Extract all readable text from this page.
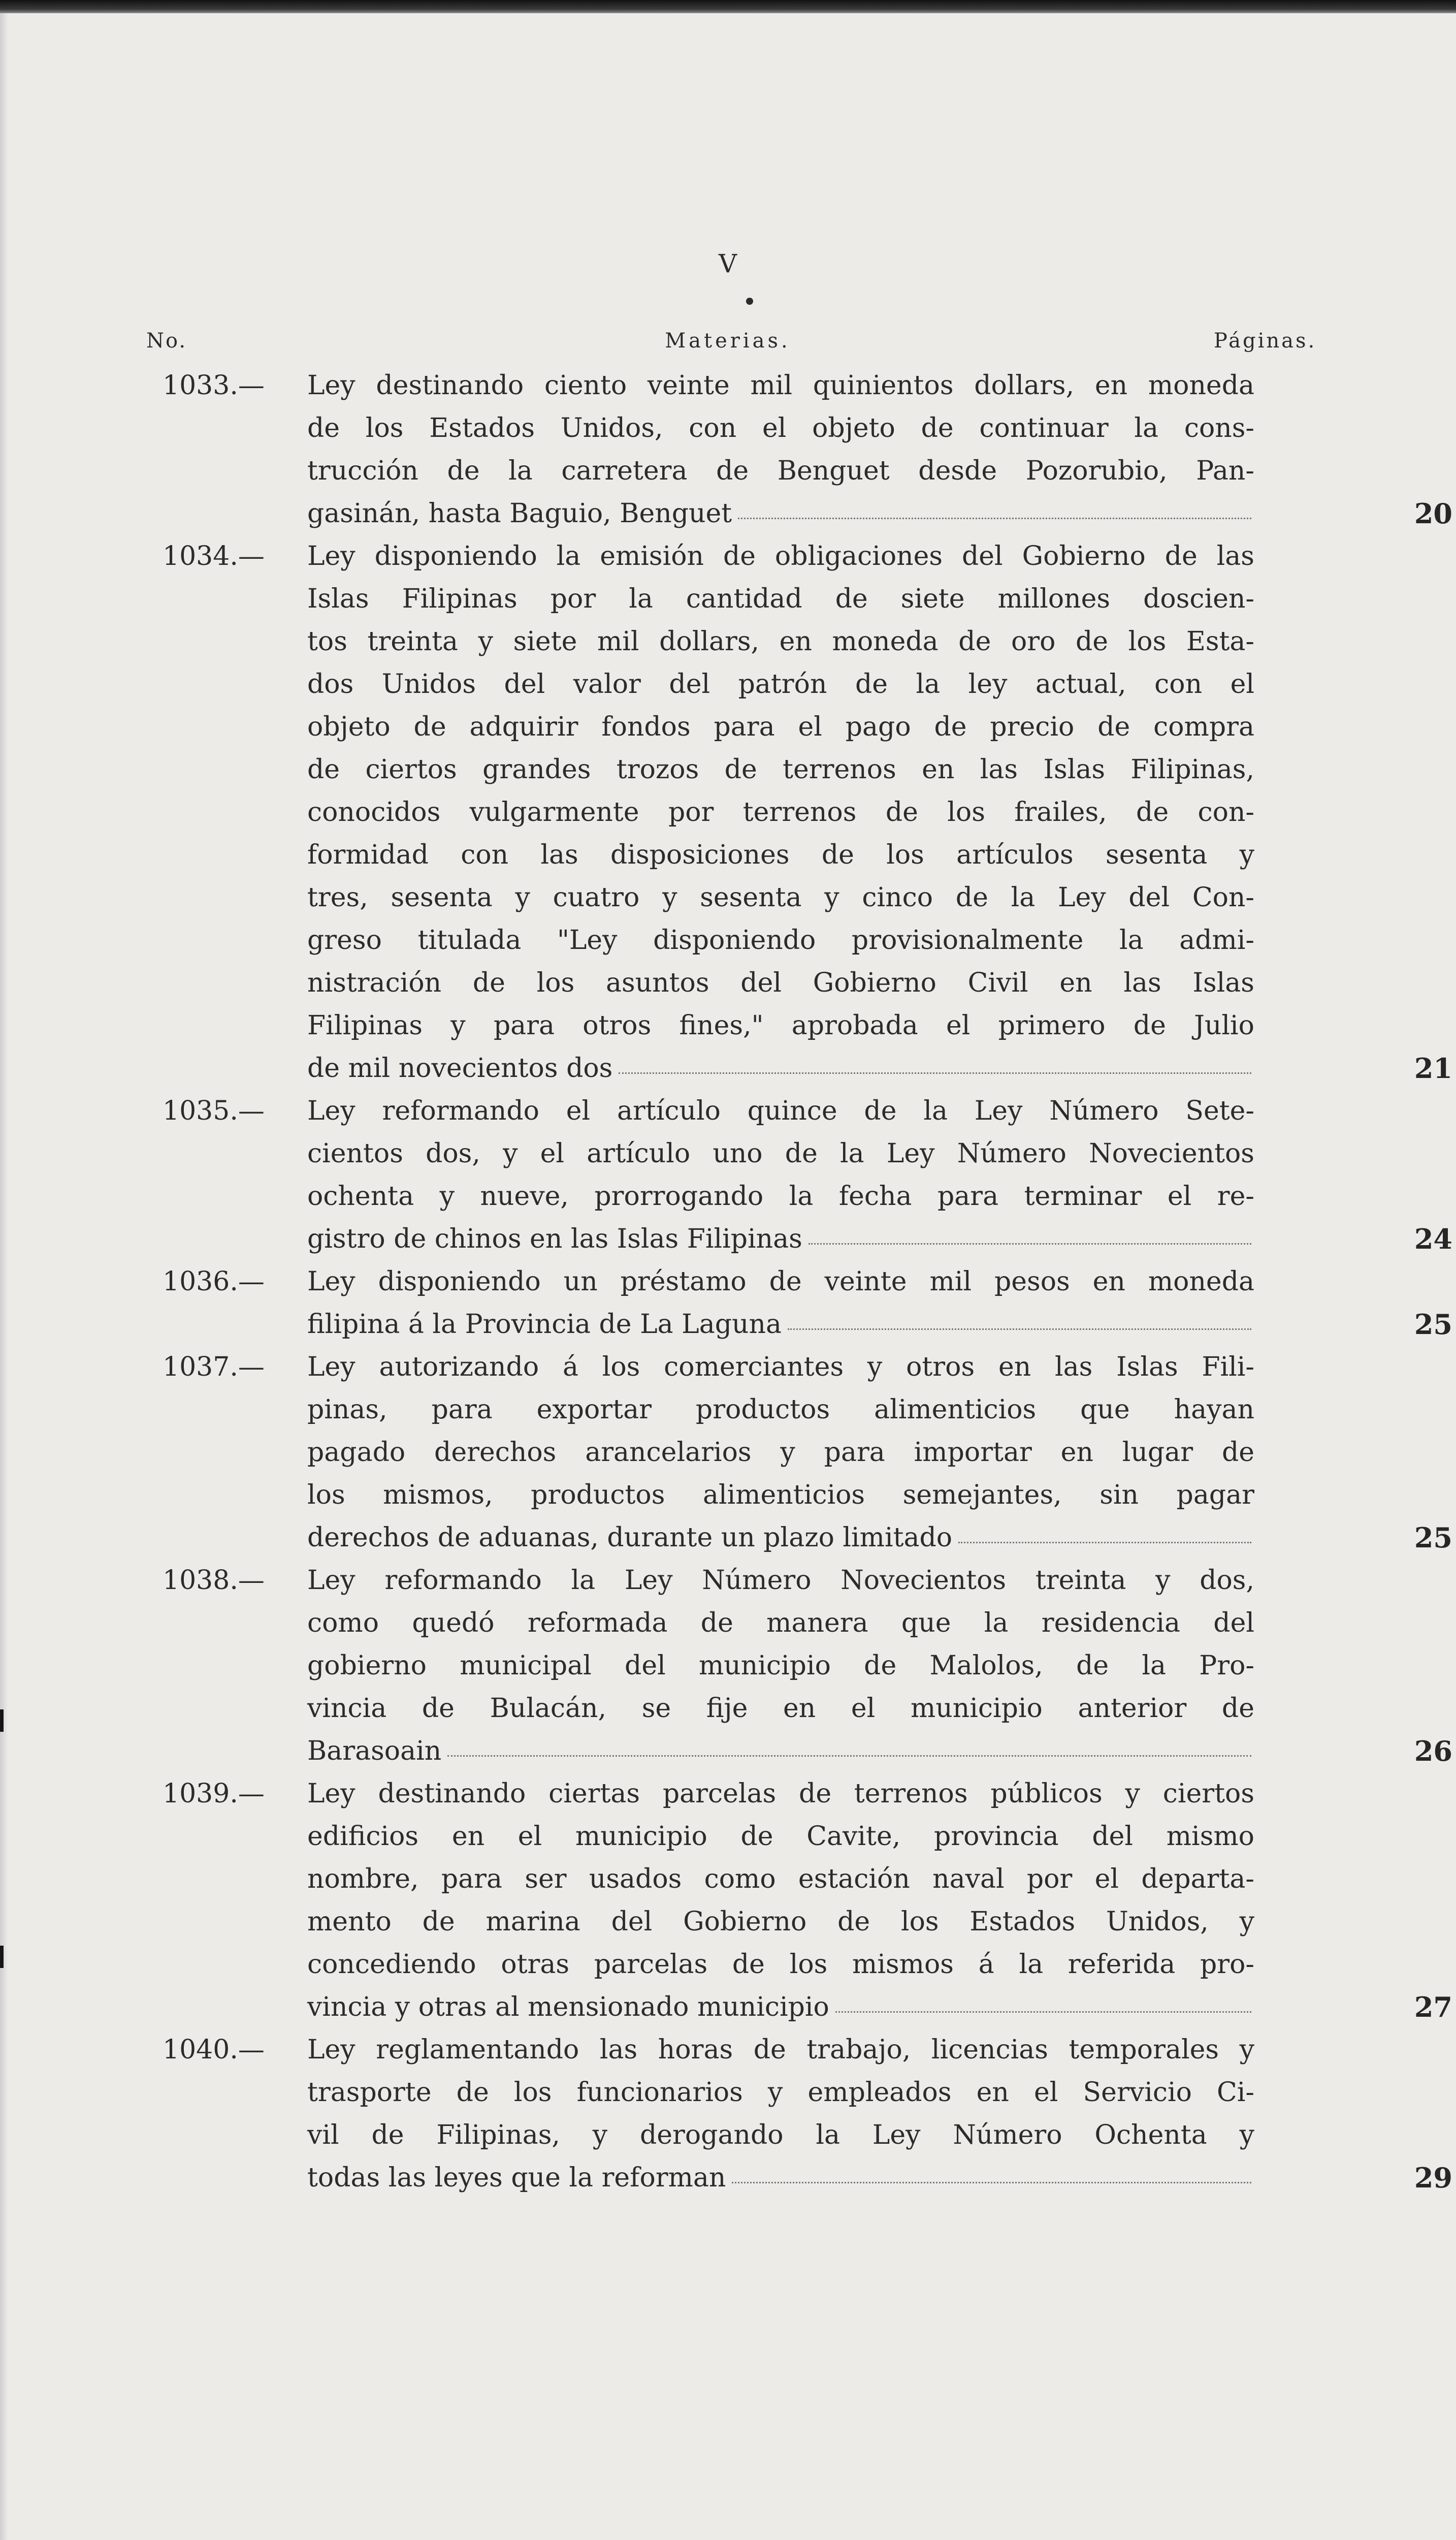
V
No.	Materias.	Páginas.
1033.—	Ley destinando ciento veinte mil quinientos dollars, en moneda
de los Estados Unidos, con el objeto de continuar la cons-
trucción de la carretera de Benguet desde Pozorubio, Pan-
gasinán, hasta Baguio, Benguet	20
1034.—	Ley disponiendo la emisión de obligaciones del Gobierno de las
Islas Filipinas por la cantidad de siete millones doscien-
tos treinta y siete mil dollars, en moneda de oro de los Esta-
dos Unidos del valor del patrón de la ley actual, con el
objeto de adquirir fondos para el pago de precio de compra
de ciertos grandes trozos de terrenos en las Islas Filipinas,
conocidos vulgarmente por terrenos de los frailes, de con-
formidad con las disposiciones de los artículos sesenta y
tres, sesenta y cuatro y sesenta y cinco de la Ley del Con-
greso titulada "Ley disponiendo provisionalmente la admi-
nistración de los asuntos del Gobierno Civil en las Islas
Filipinas y para otros fines," aprobada el primero de Julio
de mil novecientos dos	21
1035.—	Ley reformando el artículo quince de la Ley Número Sete-
cientos dos, y el artículo uno de la Ley Número Novecientos
ochenta y nueve, prorrogando la fecha para terminar el re-
gistro de chinos en las Islas Filipinas	24
1036.—	Ley disponiendo un préstamo de veinte mil pesos en moneda
filipina á la Provincia de La Laguna	25
1037.—	Ley autorizando á los comerciantes y otros en las Islas Fili-
pinas, para exportar productos alimenticios que hayan
pagado derechos arancelarios y para importar en lugar de
los mismos, productos alimenticios semejantes, sin pagar
derechos de aduanas, durante un plazo limitado	25
1038.—	Ley reformando la Ley Número Novecientos treinta y dos,
como quedó reformada de manera que la residencia del
gobierno municipal del municipio de Malolos, de la Pro-
vincia de Bulacán, se fije en el municipio anterior de
Barasoain	26
1039.—	Ley destinando ciertas parcelas de terrenos públicos y ciertos
edificios en el municipio de Cavite, provincia del mismo
nombre, para ser usados como estación naval por el departa-
mento de marina del Gobierno de los Estados Unidos, y
concediendo otras parcelas de los mismos á la referida pro-
vincia y otras al mensionado municipio	27
1040.—	Ley reglamentando las horas de trabajo, licencias temporales y
trasporte de los funcionarios y empleados en el Servicio Ci-
vil de Filipinas, y derogando la Ley Número Ochenta y
todas las leyes que la reforman	29
